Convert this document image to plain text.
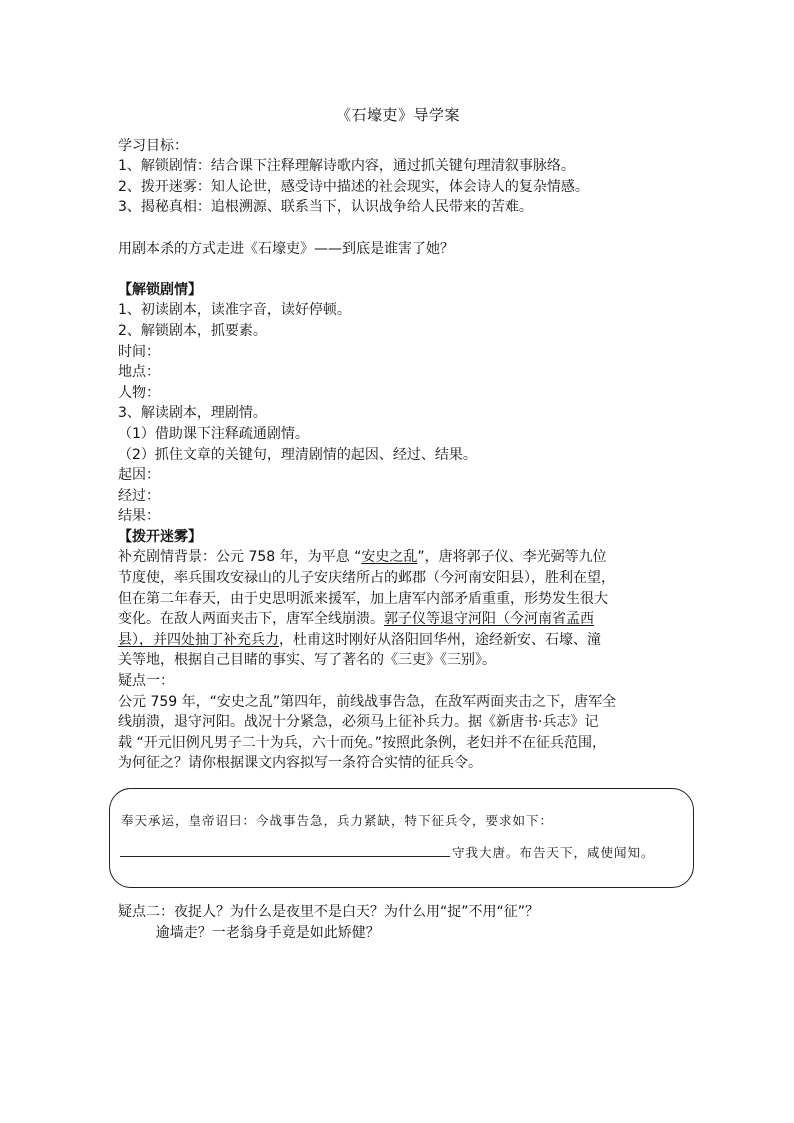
《石壕吏》导学案
学习目标：
1、解锁剧情：结合课下注释理解诗歌内容，通过抓关键句理清叙事脉络。
2、拨开迷雾：知人论世，感受诗中描述的社会现实，体会诗人的复杂情感。
3、揭秘真相：追根溯源、联系当下，认识战争给人民带来的苦难。
用剧本杀的方式走进《石壕吏》——到底是谁害了她？
【解锁剧情】
1、初读剧本，读准字音，读好停顿。
2、解锁剧本，抓要素。
时间：
地点：
人物：
3、解读剧本，理剧情。
（1）借助课下注释疏通剧情。
（2）抓住文章的关键句，理清剧情的起因、经过、结果。
起因：
经过：
结果：
【拨开迷雾】
补充剧情背景：公元 758 年，为平息 “安史之乱”，唐将郭子仪、李光弼等九位
节度使，率兵围攻安禄山的儿子安庆绪所占的邺郡（今河南安阳县），胜利在望，
但在第二年春天，由于史思明派来援军，加上唐军内部矛盾重重，形势发生很大
变化。在敌人两面夹击下，唐军全线崩溃。郭子仪等退守河阳（今河南省孟西
县），并四处抽丁补充兵力，杜甫这时刚好从洛阳回华州，途经新安、石壕、潼
关等地，根据自己目睹的事实、写了著名的《三吏》《三别》。
疑点一：
公元 759 年，“安史之乱”第四年，前线战事告急，在敌军两面夹击之下，唐军全
线崩溃，退守河阳。战况十分紧急，必须马上征补兵力。据《新唐书·兵志》记
载 “开元旧例凡男子二十为兵，六十而免。”按照此条例，老妇并不在征兵范围，
为何征之？请你根据课文内容拟写一条符合实情的征兵令。
奉天承运，皇帝诏曰：今战事告急，兵力紧缺，特下征兵令，要求如下：
守我大唐。布告天下，咸使闻知。
疑点二：夜捉人？为什么是夜里不是白天？为什么用“捉”不用“征”？
逾墙走？一老翁身手竟是如此矫健？
